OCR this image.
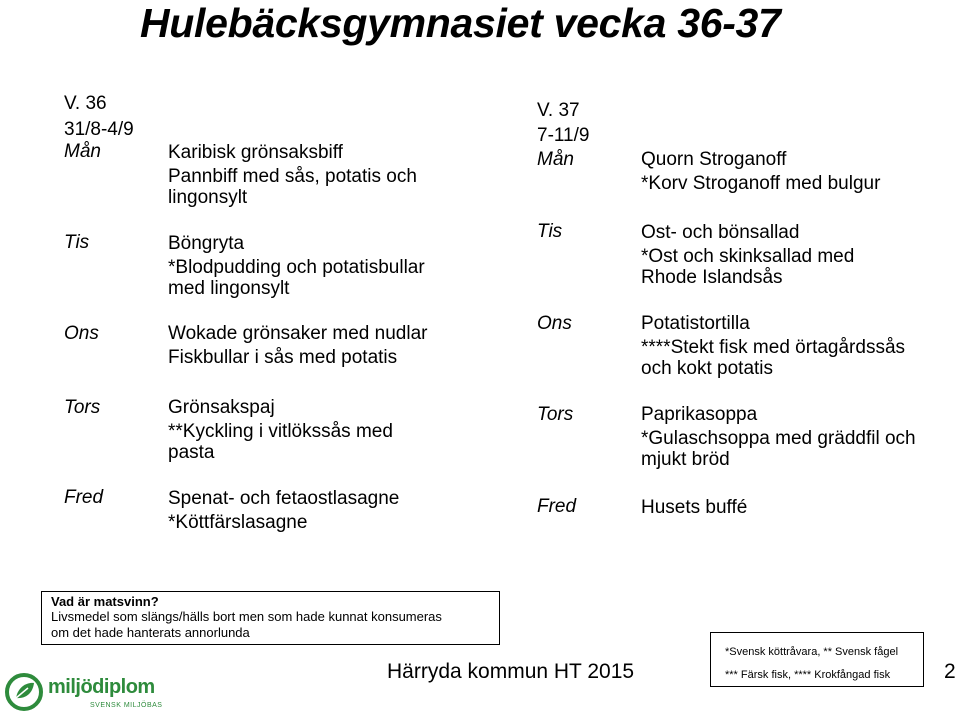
Hulebäcksgymnasiet vecka 36-37
V. 36
31/8-4/9
Mån	Karibisk grönsaksbiff
Pannbiff med sås, potatis och
lingonsylt
Tis	Böngryta
*Blodpudding och potatisbullar
med lingonsylt
Ons	Wokade grönsaker med nudlar
Fiskbullar i sås med potatis
Tors	Grönsakspaj
**Kyckling i vitlökssås med
pasta
Fred	Spenat- och fetaostlasagne
*Köttfärslasagne
V. 37
7-11/9
Mån	Quorn Stroganoff
*Korv Stroganoff med bulgur
Tis	Ost- och bönsallad
*Ost och skinksallad med
Rhode Islandsås
Ons	Potatistortilla
****Stekt fisk med örtagårdssås
och kokt potatis
Tors	Paprikasoppa
*Gulaschsoppa med gräddfil och
mjukt bröd
Fred	Husets buffé
Vad är matsvinn?
Livsmedel som slängs/hälls bort men som hade kunnat konsumeras
om det hade hanterats annorlunda
*Svensk köttråvara, ** Svensk fågel
*** Färsk fisk, **** Krokfångad fisk
Härryda kommun HT 2015	2
miljödiplom
SVENSK MILJÖBAS
